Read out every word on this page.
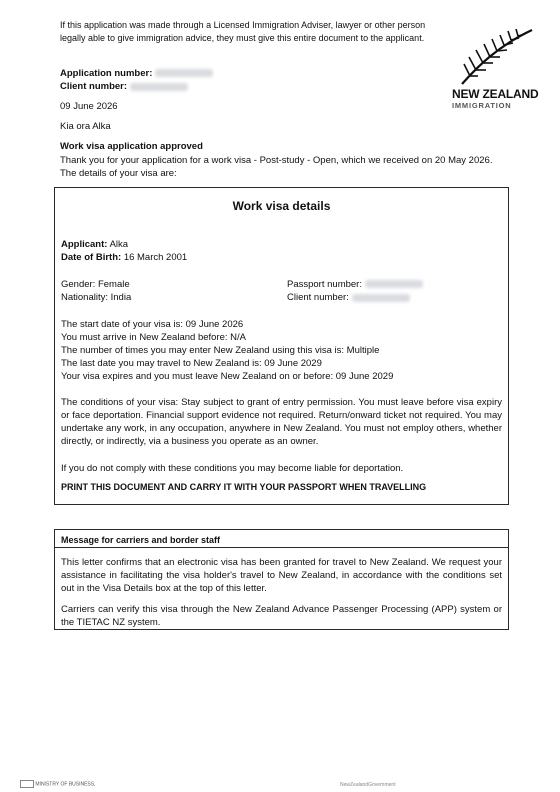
If this application was made through a Licensed Immigration Adviser, lawyer or other person legally able to give immigration advice, they must give this entire document to the applicant.
NEW ZEALAND
IMMIGRATION
Application number:
Client number:
09 June 2026
Kia ora Alka
Work visa application approved
Thank you for your application for a work visa - Post-study - Open, which we received on 20 May 2026. The details of your visa are:
Work visa details
Applicant: Alka
Date of Birth: 16 March 2001
Gender: Female
Nationality: India
Passport number:
Client number:
The start date of your visa is: 09 June 2026
You must arrive in New Zealand before: N/A
The number of times you may enter New Zealand using this visa is: Multiple
The last date you may travel to New Zealand is: 09 June 2029
Your visa expires and you must leave New Zealand on or before: 09 June 2029
The conditions of your visa: Stay subject to grant of entry permission. You must leave before visa expiry or face deportation. Financial support evidence not required. Return/onward ticket not required. You may undertake any work, in any occupation, anywhere in New Zealand. You must not employ others, whether directly, or indirectly, via a business you operate as an owner.
If you do not comply with these conditions you may become liable for deportation.
PRINT THIS DOCUMENT AND CARRY IT WITH YOUR PASSPORT WHEN TRAVELLING
Message for carriers and border staff
This letter confirms that an electronic visa has been granted for travel to New Zealand. We request your assistance in facilitating the visa holder's travel to New Zealand, in accordance with the conditions set out in the Visa Details box at the top of this letter.
Carriers can verify this visa through the New Zealand Advance Passenger Processing (APP) system or the TIETAC NZ system.
MINISTRY OF BUSINESS,	NewZealandGovernment
